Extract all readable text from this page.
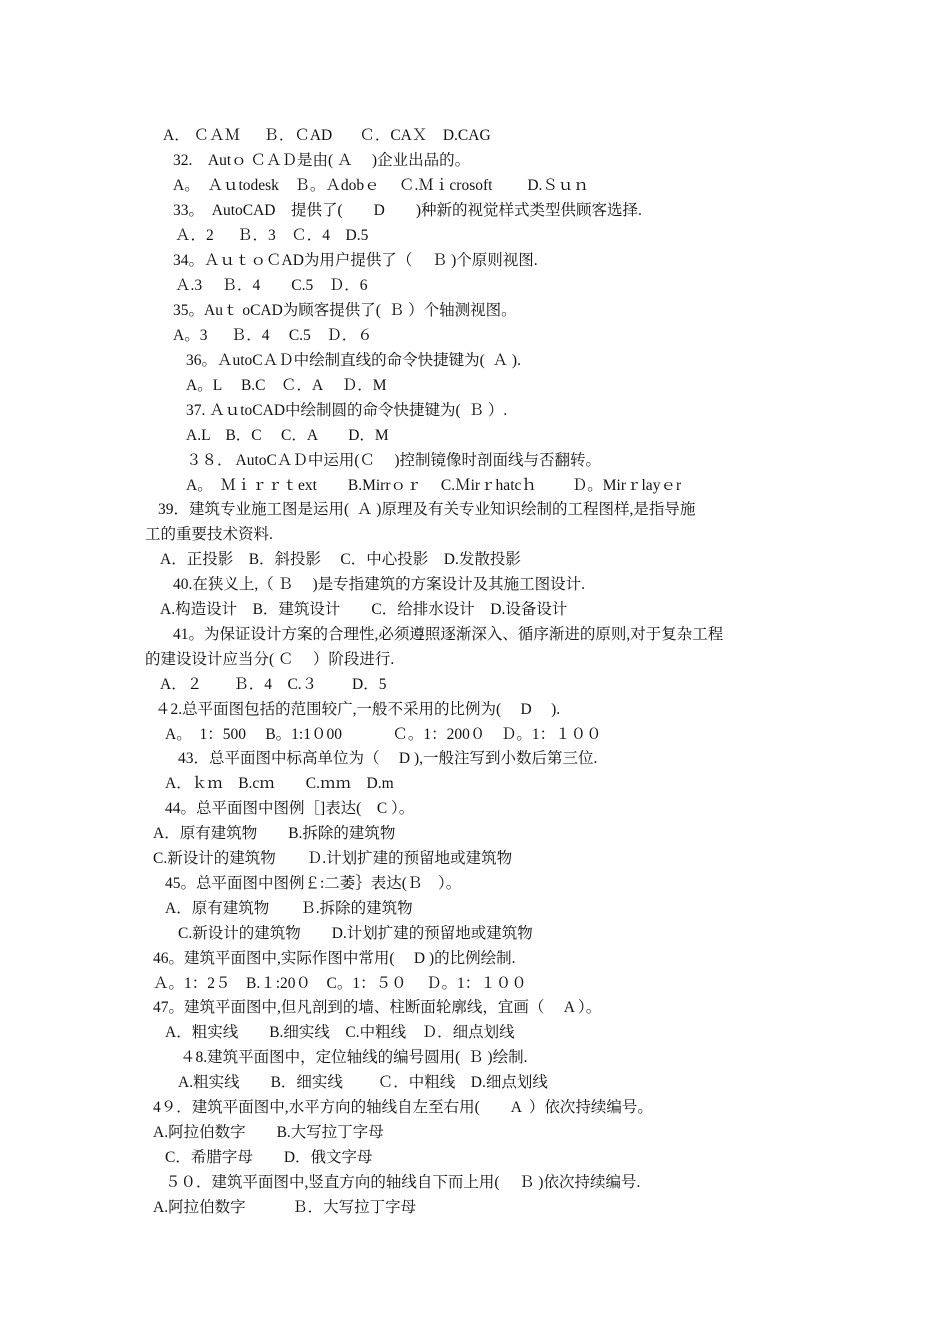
A． ＣＡＭ　  Ｂ．ＣAD　   Ｃ．CAＸ　D.CAG
32.　Autｏ ＣＡＤ是由( Ａ　 )企业出品的。
A。　Ａｕtodesk　Ｂ。Ａdobｅ　 Ｃ.Ｍｉcrosoft　　 D.Ｓｕｎ
33。　AutoCAD　提供了(　　D　　)种新的视觉样式类型供顾客选择.
Ａ．2　  Ｂ．3　Ｃ．4　D.5
34。ＡｕｔｏＣAD为用户提供了（　 Ｂ )个原则视图.
Ａ.3　 Ｂ．4　　C.5　Ｄ．6
35。Auｔ oCAD为顾客提供了(  Ｂ ）个轴测视图。
A。3　  Ｂ．4　 C.5　Ｄ．６
36。ＡutoCＡＤ中绘制直线的命令快捷键为(  Ａ ).
A。L　 B.C　Ｃ．A　 Ｄ．M
37. ＡｕtoCAD中绘制圆的命令快捷键为(  Ｂ ）.
A.L　B．C　 C．A　　D．M
３８． AutoCＡＤ中运用(Ｃ　 )控制镜像时剖面线与否翻转。
A。　Ｍｉｒｒｔext　　B.Mirrｏｒ　 C.Ｍirｒhatcｈ　　 Ｄ。Mirｒlayｅr
39．建筑专业施工图是运用(  Ａ )原理及有关专业知识绘制的工程图样,是指导施
工的重要技术资料.
A．正投影　B．斜投影　 C．中心投影　D.发散投影
40.在狭义上,（ Ｂ　 )是专指建筑的方案设计及其施工图设计.
A.构造设计　B．建筑设计　　C．给排水设计　D.设备设计
41。为保证设计方案的合理性,必须遵照逐渐深入、循序渐进的原则,对于复杂工程
的建设设计应当分( Ｃ　 ）阶段进行.
A．２　　Ｂ．4　C.３　　 D．5
４2.总平面图包括的范围较广,一般不采用的比例为(　 D　 ).
A。　1：500　 B。1:1０00　　　 Ｃ。1：200０　Ｄ。1：１００
43．总平面图中标高单位为（　 D ),一般注写到小数后第三位.
A．ｋｍ　B.cｍ　　C.ｍｍ　D.m
44。总平面图中图例［]表达(　C ）。
A．原有建筑物　　B.拆除的建筑物
C.新设计的建筑物　　Ｄ.计划扩建的预留地或建筑物
45。总平面图中图例￡:二萎｝表达(Ｂ　）。
A．原有建筑物　　Ｂ.拆除的建筑物
C.新设计的建筑物　　D.计划扩建的预留地或建筑物
46。建筑平面图中,实际作图中常用(　 D )的比例绘制.
Ａ。1：2５　B.１:20０　C。1：５０　 Ｄ。1：１００
47。建筑平面图中,但凡剖到的墙、柱断面轮廓线，宜画（　 A ）。
A．粗实线　　B.细实线　C.中粗线　Ｄ．细点划线
４8.建筑平面图中，定位轴线的编号圆用(  Ｂ )绘制.
A.粗实线　　B．细实线　　 Ｃ．中粗线　D.细点划线
4９．建筑平面图中,水平方向的轴线自左至右用(　　A  ）依次持续编号。
A.阿拉伯数字　　B.大写拉丁字母
C．希腊字母　　D．俄文字母
５０．建筑平面图中,竖直方向的轴线自下而上用(　 Ｂ )依次持续编号.
A.阿拉伯数字　　　Ｂ．大写拉丁字母
